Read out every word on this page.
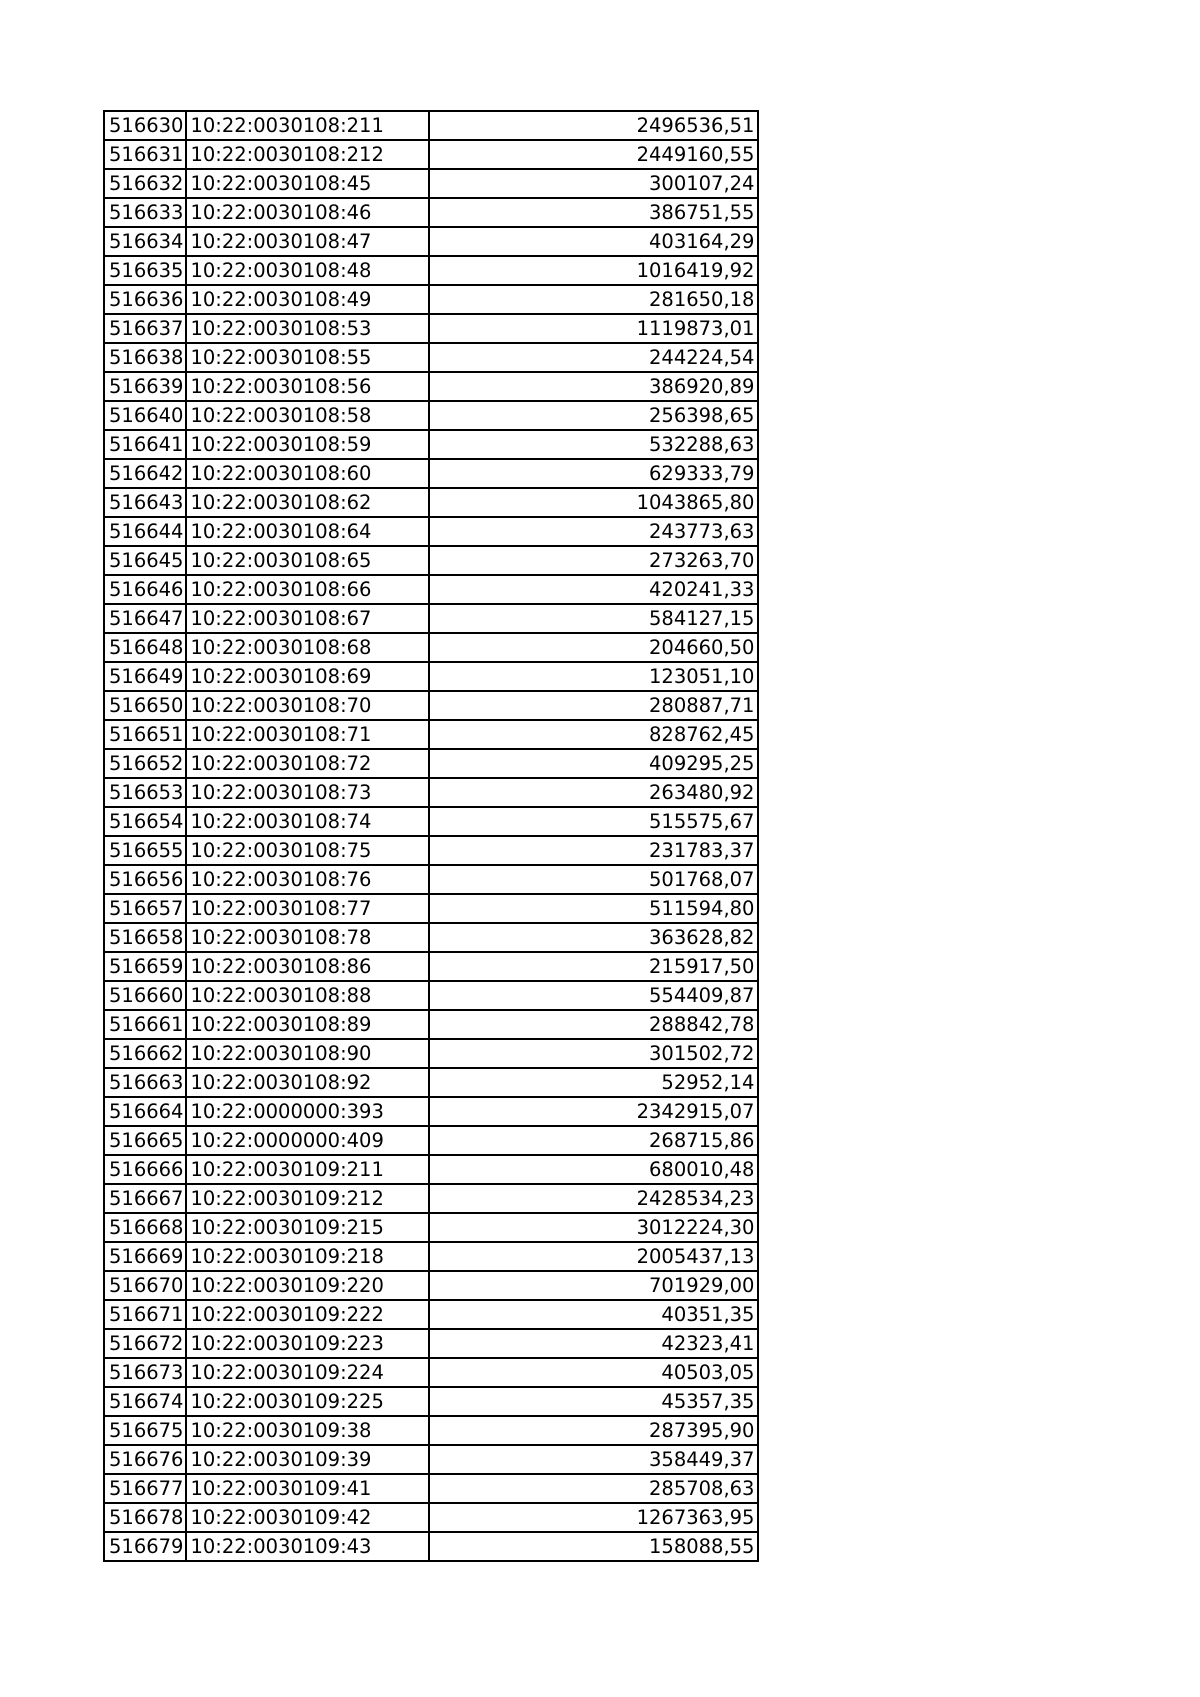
516630	10:22:0030108:211	2496536,51
516631	10:22:0030108:212	2449160,55
516632	10:22:0030108:45	300107,24
516633	10:22:0030108:46	386751,55
516634	10:22:0030108:47	403164,29
516635	10:22:0030108:48	1016419,92
516636	10:22:0030108:49	281650,18
516637	10:22:0030108:53	1119873,01
516638	10:22:0030108:55	244224,54
516639	10:22:0030108:56	386920,89
516640	10:22:0030108:58	256398,65
516641	10:22:0030108:59	532288,63
516642	10:22:0030108:60	629333,79
516643	10:22:0030108:62	1043865,80
516644	10:22:0030108:64	243773,63
516645	10:22:0030108:65	273263,70
516646	10:22:0030108:66	420241,33
516647	10:22:0030108:67	584127,15
516648	10:22:0030108:68	204660,50
516649	10:22:0030108:69	123051,10
516650	10:22:0030108:70	280887,71
516651	10:22:0030108:71	828762,45
516652	10:22:0030108:72	409295,25
516653	10:22:0030108:73	263480,92
516654	10:22:0030108:74	515575,67
516655	10:22:0030108:75	231783,37
516656	10:22:0030108:76	501768,07
516657	10:22:0030108:77	511594,80
516658	10:22:0030108:78	363628,82
516659	10:22:0030108:86	215917,50
516660	10:22:0030108:88	554409,87
516661	10:22:0030108:89	288842,78
516662	10:22:0030108:90	301502,72
516663	10:22:0030108:92	52952,14
516664	10:22:0000000:393	2342915,07
516665	10:22:0000000:409	268715,86
516666	10:22:0030109:211	680010,48
516667	10:22:0030109:212	2428534,23
516668	10:22:0030109:215	3012224,30
516669	10:22:0030109:218	2005437,13
516670	10:22:0030109:220	701929,00
516671	10:22:0030109:222	40351,35
516672	10:22:0030109:223	42323,41
516673	10:22:0030109:224	40503,05
516674	10:22:0030109:225	45357,35
516675	10:22:0030109:38	287395,90
516676	10:22:0030109:39	358449,37
516677	10:22:0030109:41	285708,63
516678	10:22:0030109:42	1267363,95
516679	10:22:0030109:43	158088,55
